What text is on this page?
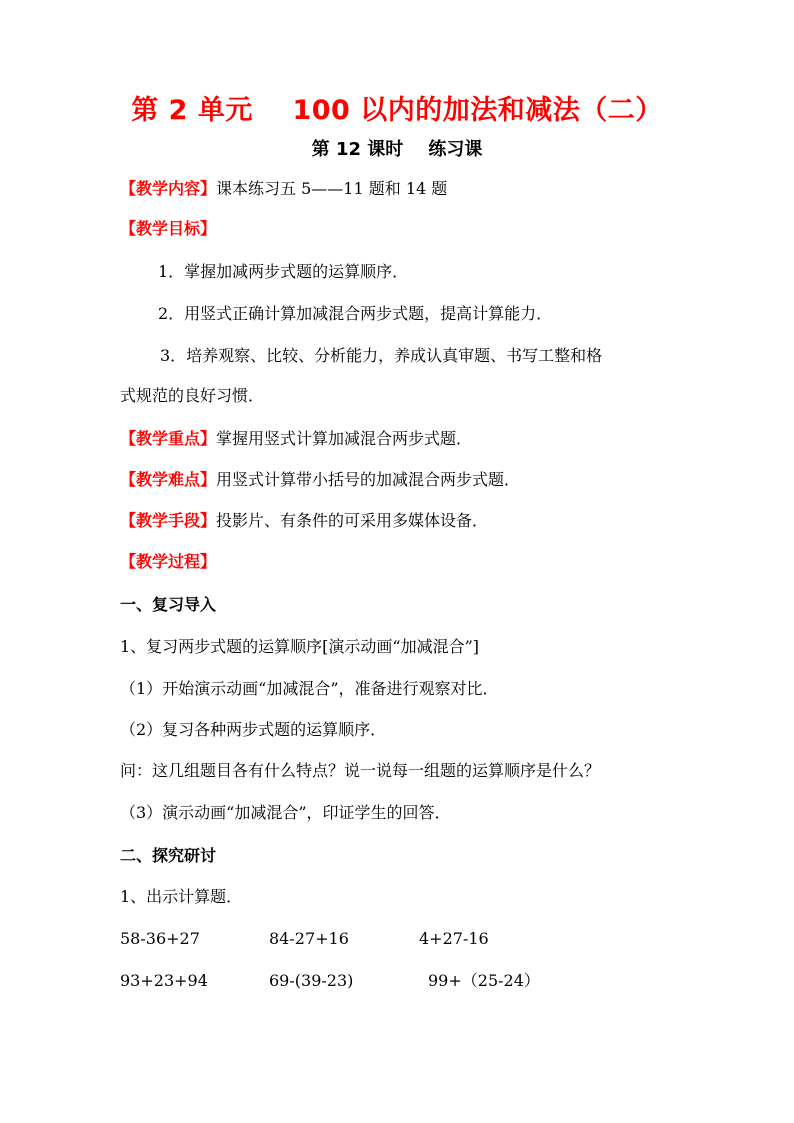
第 2 单元    100 以内的加法和减法（二）
第 12 课时    练习课
【教学内容】课本练习五 5——11 题和 14 题
【教学目标】
1．掌握加减两步式题的运算顺序．
2．用竖式正确计算加减混合两步式题，提高计算能力．
3．培养观察、比较、分析能力，养成认真审题、书写工整和格
式规范的良好习惯．
【教学重点】掌握用竖式计算加减混合两步式题．
【教学难点】用竖式计算带小括号的加减混合两步式题．
【教学手段】投影片、有条件的可采用多媒体设备．
【教学过程】
一、复习导入
1、复习两步式题的运算顺序[演示动画“加减混合”]
（1）开始演示动画“加减混合”，准备进行观察对比．
（2）复习各种两步式题的运算顺序．
问：这几组题目各有什么特点？说一说每一组题的运算顺序是什么？
（3）演示动画“加减混合”，印证学生的回答．
二、探究研讨
1、出示计算题．
58-36+27	84-27+16	4+27-16
93+23+94	69-(39-23)	99+（25-24）
